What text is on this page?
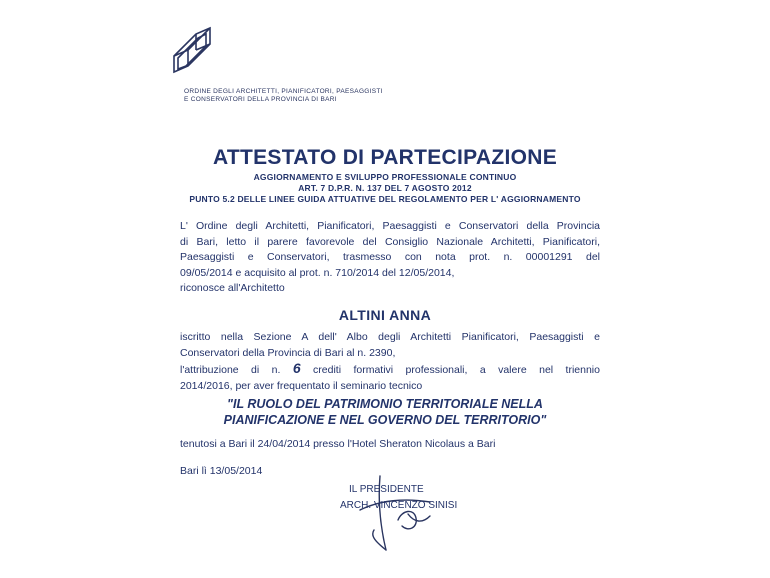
ORDINE DEGLI ARCHITETTI, PIANIFICATORI, PAESAGGISTI
E CONSERVATORI DELLA PROVINCIA DI BARI
ATTESTATO DI PARTECIPAZIONE
AGGIORNAMENTO E SVILUPPO PROFESSIONALE CONTINUO
ART. 7 D.P.R. N. 137 DEL 7 AGOSTO 2012
PUNTO 5.2 DELLE LINEE GUIDA ATTUATIVE DEL REGOLAMENTO PER L' AGGIORNAMENTO
L' Ordine degli Architetti, Pianificatori, Paesaggisti e Conservatori della Provincia
di Bari, letto il parere favorevole del Consiglio Nazionale Architetti, Pianificatori,
Paesaggisti e Conservatori, trasmesso con nota prot. n. 00001291 del
09/05/2014 e acquisito al prot. n. 710/2014 del 12/05/2014,
riconosce all'Architetto
ALTINI ANNA
iscritto nella Sezione A dell' Albo degli Architetti Pianificatori, Paesaggisti e
Conservatori della Provincia di Bari al n. 2390,
l'attribuzione di n. 6 crediti formativi professionali, a valere nel triennio
2014/2016, per aver frequentato il seminario tecnico
"IL RUOLO DEL PATRIMONIO TERRITORIALE NELLA
PIANIFICAZIONE E NEL GOVERNO DEL TERRITORIO"
tenutosi a Bari il 24/04/2014 presso l'Hotel Sheraton Nicolaus a Bari
Bari lì 13/05/2014
IL PRESIDENTE
ARCH. VINCENZO SINISI
